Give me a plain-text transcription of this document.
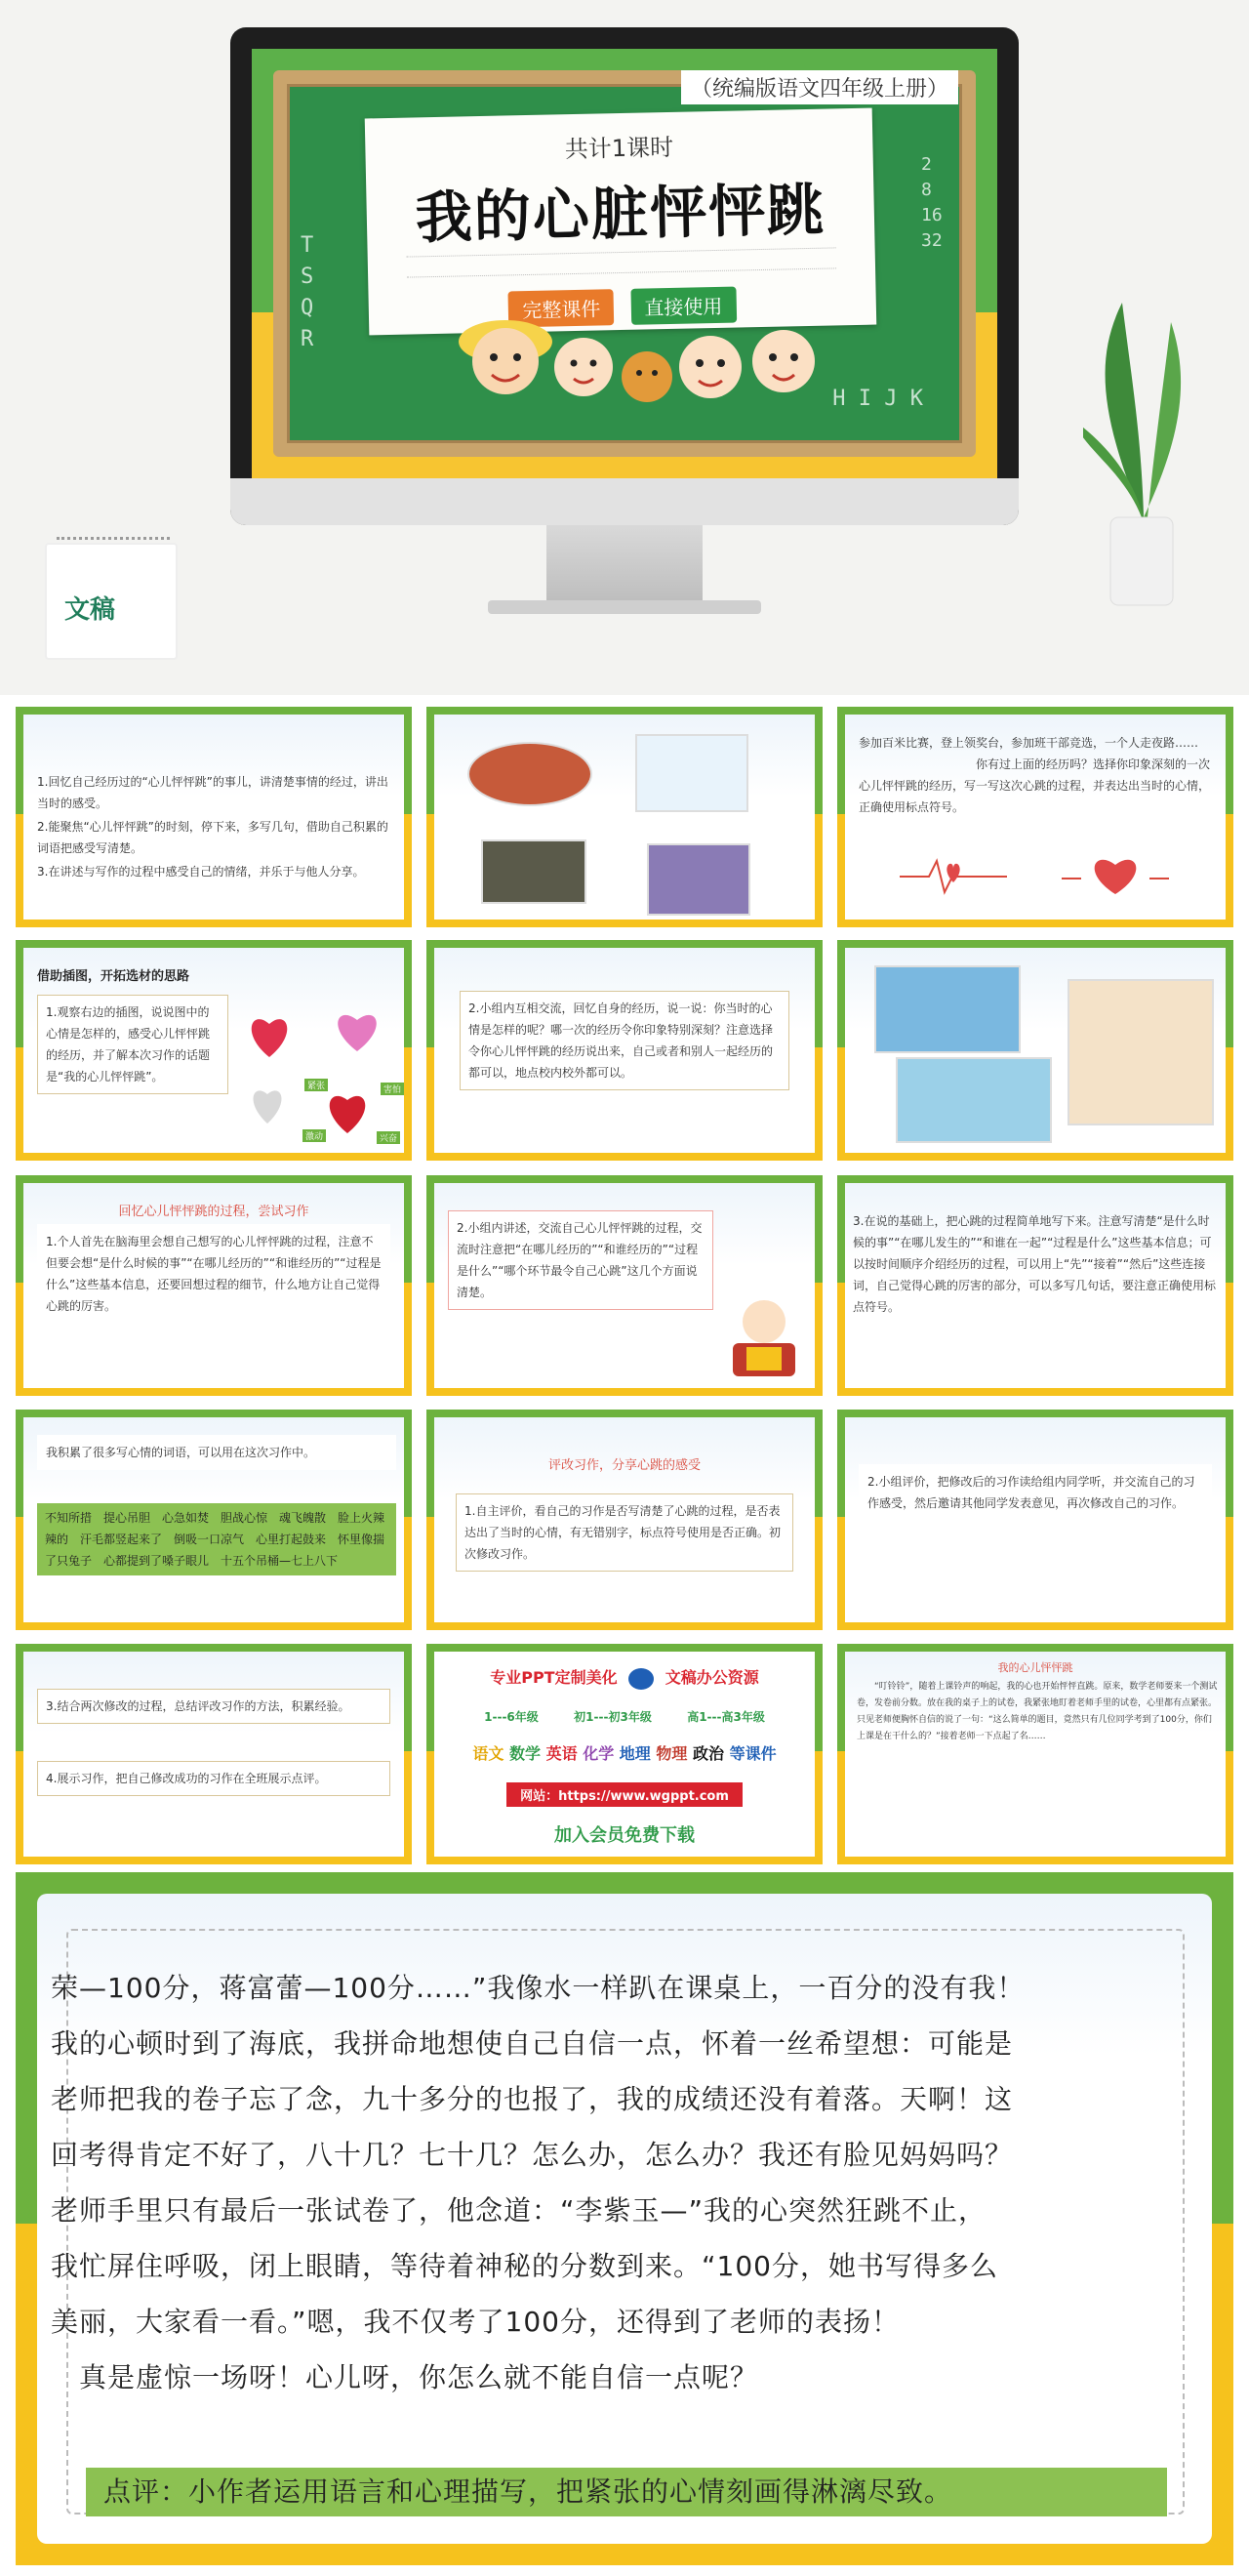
T S Q R
2 8 16 32
H I J K
（统编版语文四年级上册）
共计1课时
我的心脏怦怦跳
完整课件 直接使用
文稿
1.回忆自己经历过的“心儿怦怦跳”的事儿，讲清楚事情的经过，讲出当时的感受。
2.能聚焦“心儿怦怦跳”的时刻，停下来，多写几句，借助自己积累的词语把感受写清楚。
3.在讲述与写作的过程中感受自己的情绪，并乐于与他人分享。
参加百米比赛，登上领奖台，参加班干部竞选，一个人走夜路……
你有过上面的经历吗？选择你印象深刻的一次心儿怦怦跳的经历，写一写这次心跳的过程，并表达出当时的心情，正确使用标点符号。
借助插图，开拓选材的思路
1.观察右边的插图，说说图中的心情是怎样的，感受心儿怦怦跳的经历，并了解本次习作的话题是“我的心儿怦怦跳”。
紧张	害怕
激动	兴奋
2.小组内互相交流，回忆自身的经历，说一说：你当时的心情是怎样的呢？哪一次的经历令你印象特别深刻？注意选择令你心儿怦怦跳的经历说出来，自己或者和别人一起经历的都可以，地点校内校外都可以。
回忆心儿怦怦跳的过程，尝试习作
1.个人首先在脑海里会想自己想写的心儿怦怦跳的过程，注意不但要会想“是什么时候的事”“在哪儿经历的”“和谁经历的”“过程是什么”这些基本信息，还要回想过程的细节，什么地方让自己觉得心跳的厉害。
2.小组内讲述，交流自己心儿怦怦跳的过程，交流时注意把“在哪儿经历的”“和谁经历的”“过程是什么”“哪个环节最令自己心跳”这几个方面说清楚。
3.在说的基础上，把心跳的过程简单地写下来。注意写清楚“是什么时候的事”“在哪儿发生的”“和谁在一起”“过程是什么”这些基本信息；可以按时间顺序介绍经历的过程，可以用上“先”“接着”“然后”这些连接词，自己觉得心跳的厉害的部分，可以多写几句话，要注意正确使用标点符号。
我积累了很多写心情的词语，可以用在这次习作中。
不知所措　提心吊胆　心急如焚　胆战心惊　魂飞魄散　脸上火辣辣的　汗毛都竖起来了　倒吸一口凉气　心里打起鼓来　怀里像揣了只兔子　心都提到了嗓子眼儿　十五个吊桶—七上八下
评改习作，分享心跳的感受
1.自主评价，看自己的习作是否写清楚了心跳的过程，是否表达出了当时的心情，有无错别字，标点符号使用是否正确。初次修改习作。
2.小组评价，把修改后的习作读给组内同学听，并交流自己的习作感受，然后邀请其他同学发表意见，再次修改自己的习作。
3.结合两次修改的过程，总结评改习作的方法，积累经验。
4.展示习作，把自己修改成功的习作在全班展示点评。
专业PPT定制美化	文稿办公资源
1---6年级	初1---初3年级	高1---高3年级
语文 数学 英语 化学 地理 物理 政治 等课件
网站：https://www.wgppt.com
加入会员免费下载
我的心儿怦怦跳
“叮铃铃”，随着上课铃声的响起，我的心也开始怦怦直跳。原来，数学老师要来一个测试卷，发卷前分数。放在我的桌子上的试卷，我紧张地盯着老师手里的试卷，心里都有点紧张。只见老师便胸怀自信的说了一句：“这么简单的题目，竟然只有几位同学考到了100分，你们上课是在干什么的？”接着老师一下点起了名……
荣—100分，蒋富蕾—100分……”我像水一样趴在课桌上，一百分的没有我！
我的心顿时到了海底，我拼命地想使自己自信一点，怀着一丝希望想：可能是
老师把我的卷子忘了念，九十多分的也报了，我的成绩还没有着落。天啊！这
回考得肯定不好了，八十几？七十几？怎么办，怎么办？我还有脸见妈妈吗？
老师手里只有最后一张试卷了，他念道：“李紫玉—”我的心突然狂跳不止，
我忙屏住呼吸，闭上眼睛，等待着神秘的分数到来。“100分，她书写得多么
美丽，大家看一看。”嗯，我不仅考了100分，还得到了老师的表扬！
　真是虚惊一场呀！心儿呀，你怎么就不能自信一点呢？
点评：小作者运用语言和心理描写，把紧张的心情刻画得淋漓尽致。
